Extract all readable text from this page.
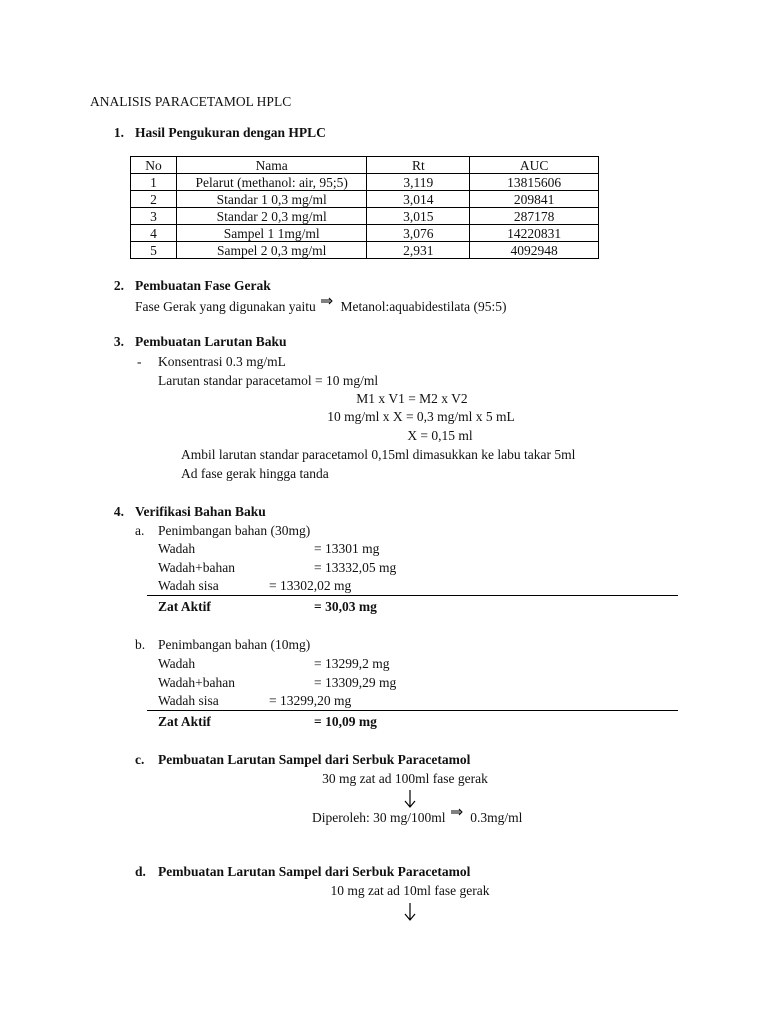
ANALISIS PARACETAMOL HPLC
1. Hasil Pengukuran dengan HPLC
No	Nama	Rt	AUC
1	Pelarut (methanol: air, 95;5)	3,119	13815606
2	Standar 1 0,3 mg/ml	3,014	209841
3	Standar 2 0,3 mg/ml	3,015	287178
4	Sampel 1 1mg/ml	3,076	14220831
5	Sampel 2 0,3 mg/ml	2,931	4092948
2. Pembuatan Fase Gerak
Fase Gerak yang digunakan yaitu Metanol:aquabidestilata (95:5)
3. Pembuatan Larutan Baku
- Konsentrasi 0.3 mg/mL
Larutan standar paracetamol = 10 mg/ml
M1 x V1 = M2 x V2
10 mg/ml x X = 0,3 mg/ml x 5 mL
X = 0,15 ml
Ambil larutan standar paracetamol 0,15ml dimasukkan ke labu takar 5ml
Ad fase gerak hingga tanda
4. Verifikasi Bahan Baku
a. Penimbangan bahan (30mg)
Wadah	= 13301 mg
Wadah+bahan	= 13332,05 mg
Wadah sisa	= 13302,02 mg
Zat Aktif	= 30,03 mg
b. Penimbangan bahan (10mg)
Wadah	= 13299,2 mg
Wadah+bahan	= 13309,29 mg
Wadah sisa	= 13299,20 mg
Zat Aktif	= 10,09 mg
c. Pembuatan Larutan Sampel dari Serbuk Paracetamol
30 mg zat ad 100ml fase gerak
Diperoleh: 30 mg/100ml 0.3mg/ml
d. Pembuatan Larutan Sampel dari Serbuk Paracetamol
10 mg zat ad 10ml fase gerak
